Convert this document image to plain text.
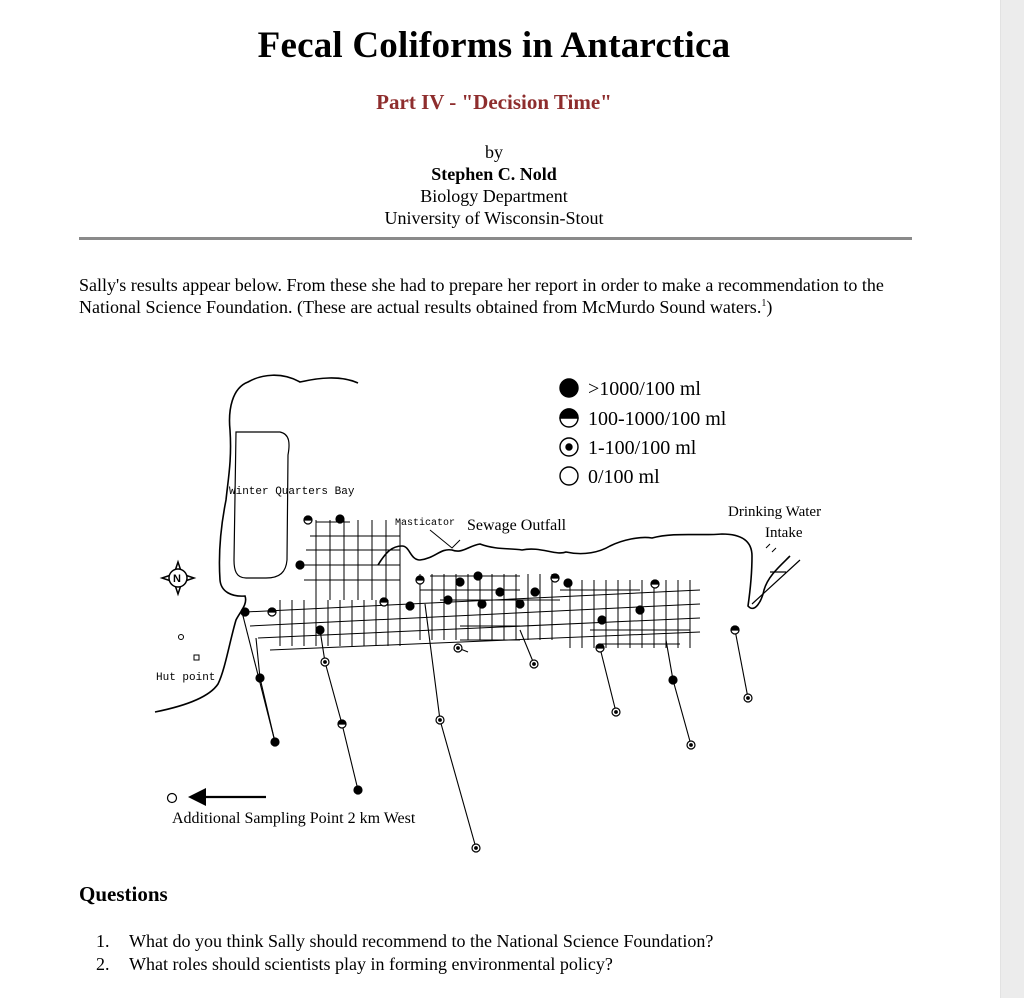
Fecal Coliforms in Antarctica
Part IV - "Decision Time"
by
Stephen C. Nold
Biology Department
University of Wisconsin-Stout
Sally's results appear below. From these she had to prepare her report in order to make a recommendation to the National Science Foundation. (These are actual results obtained from McMurdo Sound waters.$^1$)
N
>1000/100 ml
100-1000/100 ml
1-100/100 ml
0/100 ml
Winter Quarters Bay
Masticator Sewage Outfall
Drinking Water
Intake
Hut point
Additional Sampling Point 2 km West
Questions
1.	What do you think Sally should recommend to the National Science Foundation?
2.	What roles should scientists play in forming environmental policy?
